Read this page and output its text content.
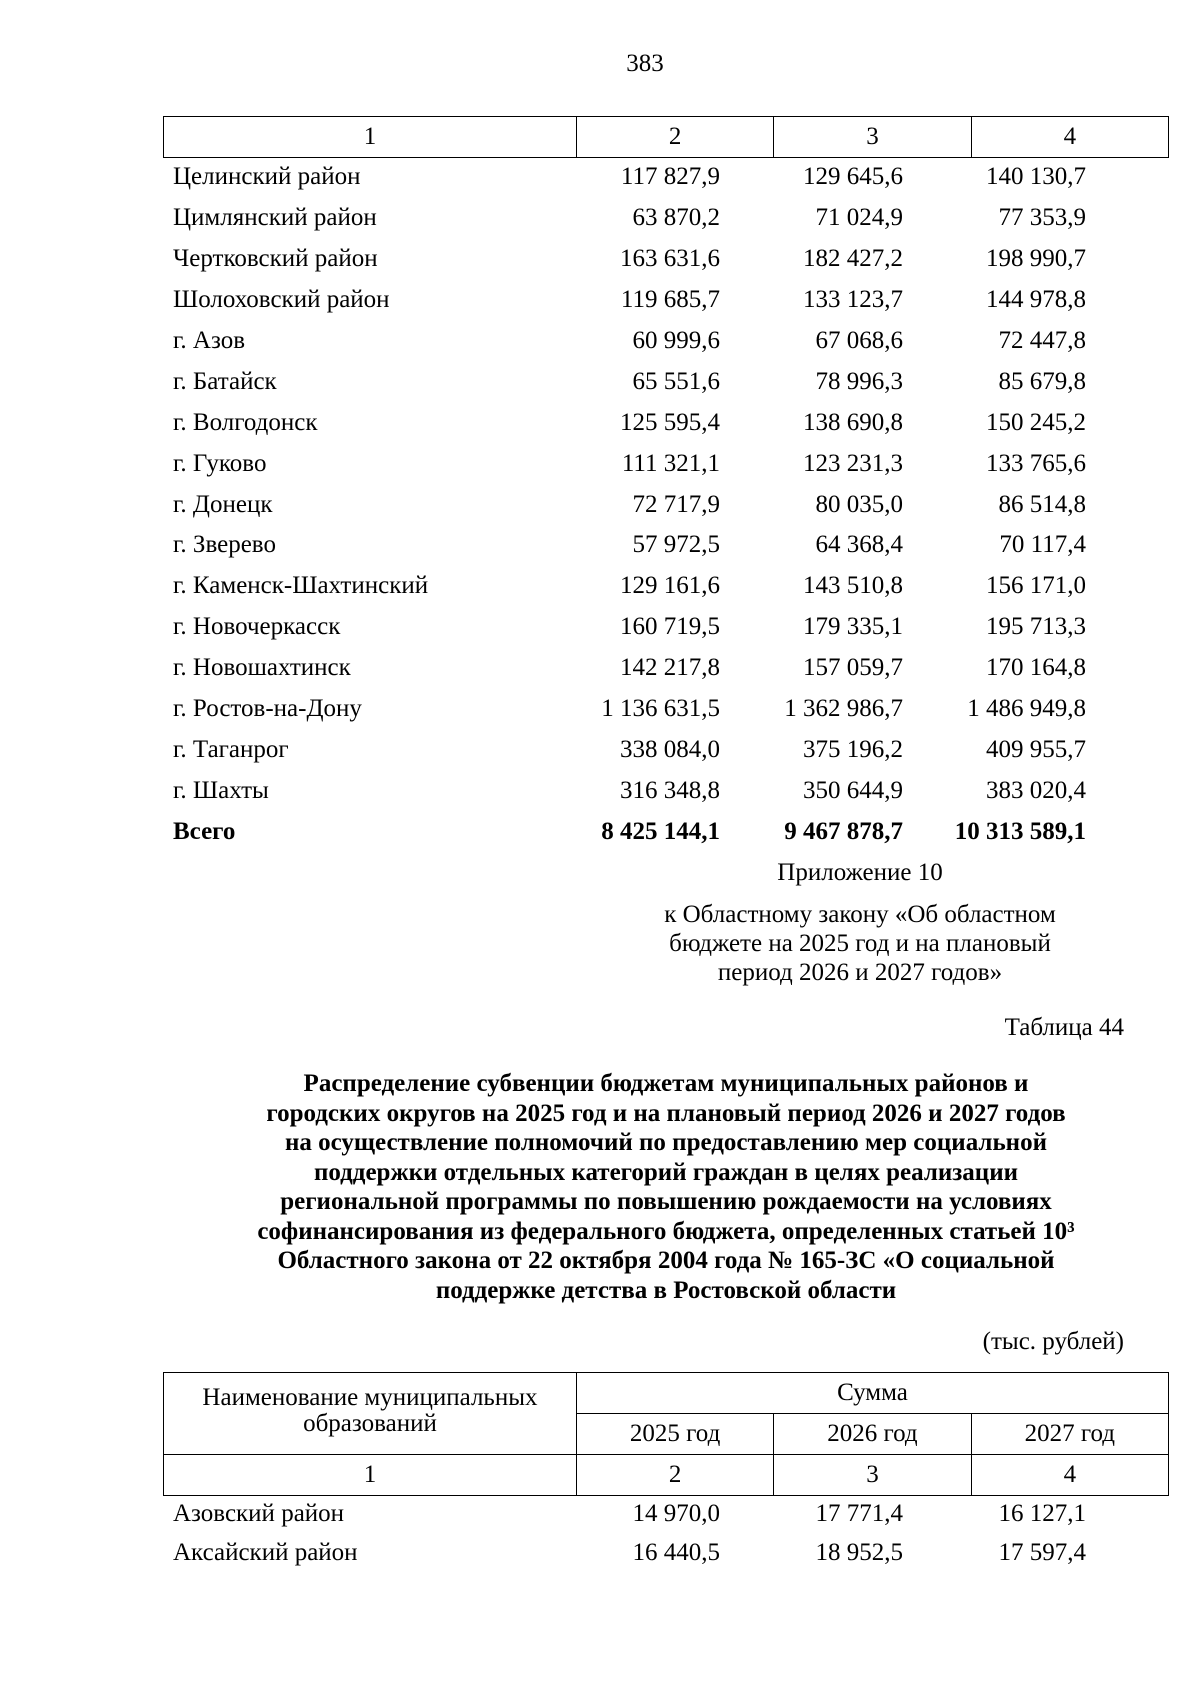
383
1	2	3	4
Целинский район	117 827,9	129 645,6	140 130,7
Цимлянский район	63 870,2	71 024,9	77 353,9
Чертковский район	163 631,6	182 427,2	198 990,7
Шолоховский район	119 685,7	133 123,7	144 978,8
г. Азов	60 999,6	67 068,6	72 447,8
г. Батайск	65 551,6	78 996,3	85 679,8
г. Волгодонск	125 595,4	138 690,8	150 245,2
г. Гуково	111 321,1	123 231,3	133 765,6
г. Донецк	72 717,9	80 035,0	86 514,8
г. Зверево	57 972,5	64 368,4	70 117,4
г. Каменск-Шахтинский	129 161,6	143 510,8	156 171,0
г. Новочеркасск	160 719,5	179 335,1	195 713,3
г. Новошахтинск	142 217,8	157 059,7	170 164,8
г. Ростов-на-Дону	1 136 631,5	1 362 986,7	1 486 949,8
г. Таганрог	338 084,0	375 196,2	409 955,7
г. Шахты	316 348,8	350 644,9	383 020,4
Всего	8 425 144,1	9 467 878,7	10 313 589,1
Приложение 10
к Областному закону «Об областном
бюджете на 2025 год и на плановый
период 2026 и 2027 годов»
Таблица 44
Распределение субвенции бюджетам муниципальных районов и
городских округов на 2025 год и на плановый период 2026 и 2027 годов
на осуществление полномочий по предоставлению мер социальной
поддержки отдельных категорий граждан в целях реализации
региональной программы по повышению рождаемости на условиях
софинансирования из федерального бюджета, определенных статьей 10³
Областного закона от 22 октября 2004 года № 165-ЗС «О социальной
поддержке детства в Ростовской области
(тыс. рублей)
Наименование муниципальных
образований	Сумма		
	2025 год	2026 год	2027 год
1	2	3	4
Азовский район	14 970,0	17 771,4	16 127,1
Аксайский район	16 440,5	18 952,5	17 597,4
